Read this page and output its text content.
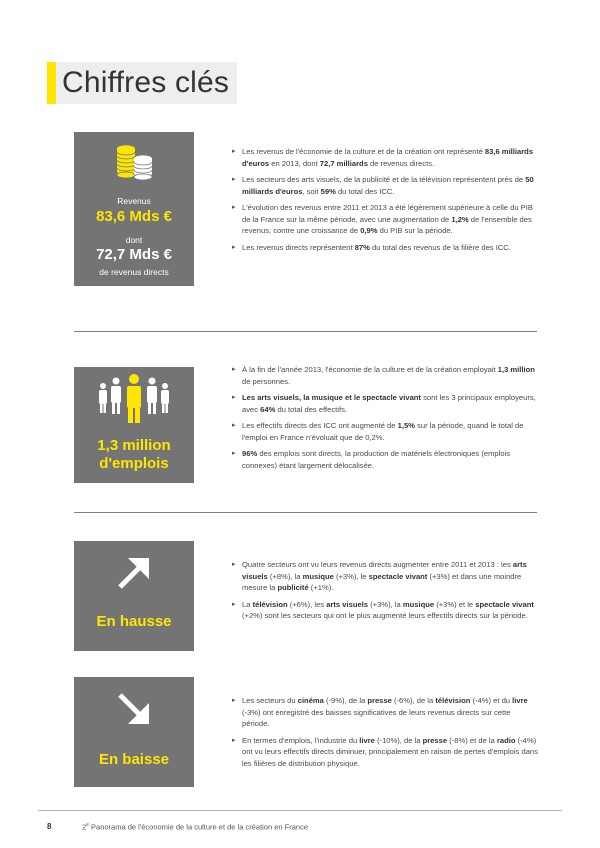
Chiffres clés
Revenus
83,6 Mds €
dont
72,7 Mds €
de revenus directs
▸ Les revenus de l'économie de la culture et de la création ont représenté 83,6 milliards d'euros en 2013, dont 72,7 milliards de revenus directs.
▸ Les secteurs des arts visuels, de la publicité et de la télévision représentent près de 50 milliards d'euros, soit 59% du total des ICC.
▸ L'évolution des revenus entre 2011 et 2013 a été légèrement supérieure à celle du PIB de la France sur la même période, avec une augmentation de 1,2% de l'ensemble des revenus, contre une croissance de 0,9% du PIB sur la période.
▸ Les revenus directs représentent 87% du total des revenus de la filière des ICC.
1,3 million
d'emplois
▸ À la fin de l'année 2013, l'économie de la culture et de la création employait 1,3 million de personnes.
▸ Les arts visuels, la musique et le spectacle vivant sont les 3 principaux employeurs, avec 64% du total des effectifs.
▸ Les effectifs directs des ICC ont augmenté de 1,5% sur la période, quand le total de l'emploi en France n'évoluait que de 0,2%.
▸ 96% des emplois sont directs, la production de matériels électroniques (emplois connexes) étant largement délocalisée.
En hausse
▸ Quatre secteurs ont vu leurs revenus directs augmenter entre 2011 et 2013 : les arts visuels (+8%), la musique (+3%), le spectacle vivant (+3%) et dans une moindre mesure la publicité (+1%).
▸ La télévision (+6%), les arts visuels (+3%), la musique (+3%) et le spectacle vivant (+2%) sont les secteurs qui ont le plus augmenté leurs effectifs directs sur la période.
En baisse
▸ Les secteurs du cinéma (-9%), de la presse (-6%), de la télévision (-4%) et du livre (-3%) ont enregistré des baisses significatives de leurs revenus directs sur cette période.
▸ En termes d'emplois, l'industrie du livre (-10%), de la presse (-8%) et de la radio (-4%) ont vu leurs effectifs directs diminuer, principalement en raison de pertes d'emplois dans les filières de distribution physique.
8	2e Panorama de l'économie de la culture et de la création en France
